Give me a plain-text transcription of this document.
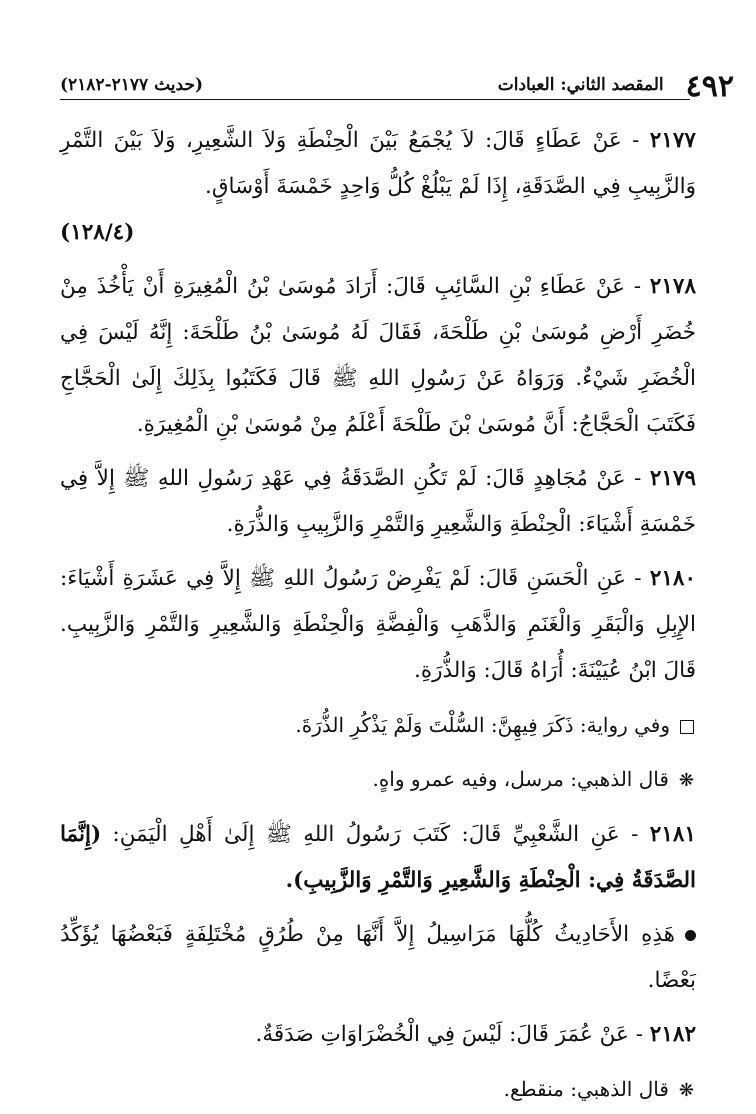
٤٩٢
المقصد الثاني: العبادات
(حديث ٢١٧٧-٢١٨٢)

٢١٧٧ - عَنْ عَطَاءٍ قَالَ: لاَ يُجْمَعُ بَيْنَ الْحِنْطَةِ وَلاَ الشَّعِيرِ، وَلاَ بَيْنَ التَّمْرِ وَالزَّبِيبِ فِي الصَّدَقَةِ، إِذَا لَمْ يَبْلُغْ كُلُّ وَاحِدٍ خَمْسَةَ أَوْسَاقٍ.
(١٢٨/٤)

٢١٧٨ - عَنْ عَطَاءِ بْنِ السَّائِبِ قَالَ: أَرَادَ مُوسَىٰ بْنُ الْمُغِيرَةِ أَنْ يَأْخُذَ مِنْ خُضَرِ أَرْضِ مُوسَىٰ بْنِ طَلْحَةَ، فَقَالَ لَهُ مُوسَىٰ بْنُ طَلْحَةَ: إِنَّهُ لَيْسَ فِي الْخُضَرِ شَيْءٌ. وَرَوَاهُ عَنْ رَسُولِ اللهِ ﷺ قَالَ فَكَتَبُوا بِذَلِكَ إِلَىٰ الْحَجَّاجِ فَكَتَبَ الْحَجَّاجُ: أَنَّ مُوسَىٰ بْنَ طَلْحَةَ أَعْلَمُ مِنْ مُوسَىٰ بْنِ الْمُغِيرَةِ.

٢١٧٩ - عَنْ مُجَاهِدٍ قَالَ: لَمْ تَكُنِ الصَّدَقَةُ فِي عَهْدِ رَسُولِ اللهِ ﷺ إِلاَّ فِي خَمْسَةِ أَشْيَاءَ: الْحِنْطَةِ وَالشَّعِيرِ وَالتَّمْرِ وَالزَّبِيبِ وَالذُّرَةِ.

٢١٨٠ - عَنِ الْحَسَنِ قَالَ: لَمْ يَفْرِضْ رَسُولُ اللهِ ﷺ إِلاَّ فِي عَشَرَةِ أَشْيَاءَ: الإِبِلِ وَالْبَقَرِ وَالْغَنَمِ وَالذَّهَبِ وَالْفِضَّةِ وَالْحِنْطَةِ وَالشَّعِيرِ وَالتَّمْرِ وَالزَّبِيبِ. قَالَ ابْنُ عُيَيْنَةَ: أُرَاهُ قَالَ: وَالذُّرَةِ.

وفي رواية: ذَكَرَ فِيهِنَّ: السُّلْتَ وَلَمْ يَذْكُرِ الذُّرَةَ.

❋قال الذهبي: مرسل، وفيه عمرو واهٍ.

٢١٨١ - عَنِ الشَّعْبِيِّ قَالَ: كَتَبَ رَسُولُ اللهِ ﷺ إِلَىٰ أَهْلِ الْيَمَنِ: (إِنَّمَا الصَّدَقَةُ فِي: الْحِنْطَةِ وَالشَّعِيرِ وَالتَّمْرِ وَالزَّبِيبِ).

هَذِهِ الأَحَادِيثُ كُلُّهَا مَرَاسِيلُ إِلاَّ أَنَّهَا مِنْ طُرُقٍ مُخْتَلِفَةٍ فَبَعْضُهَا يُؤَكِّدُ بَعْضًا.

٢١٨٢ - عَنْ عُمَرَ قَالَ: لَيْسَ فِي الْخُضْرَاوَاتِ صَدَقَةٌ.

❋قال الذهبي: منقطع.
